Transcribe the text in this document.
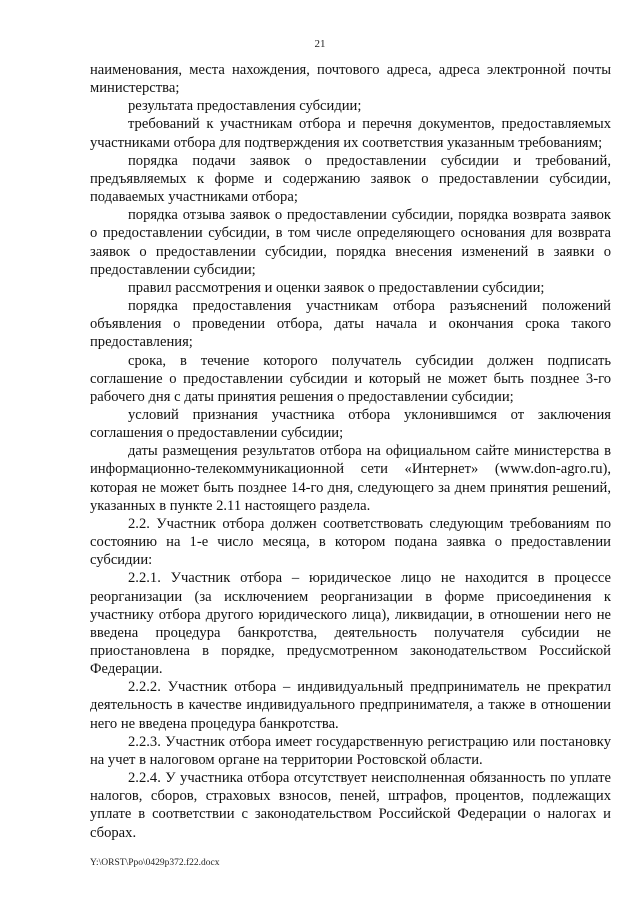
21

наименования, места нахождения, почтового адреса, адреса электронной почты министерства;

результата предоставления субсидии;

требований к участникам отбора и перечня документов, предоставляемых участниками отбора для подтверждения их соответствия указанным требованиям;

порядка подачи заявок о предоставлении субсидии и требований, предъявляемых к форме и содержанию заявок о предоставлении субсидии, подаваемых участниками отбора;

порядка отзыва заявок о предоставлении субсидии, порядка возврата заявок о предоставлении субсидии, в том числе определяющего основания для возврата заявок о предоставлении субсидии, порядка внесения изменений в заявки о предоставлении субсидии;

правил рассмотрения и оценки заявок о предоставлении субсидии;

порядка предоставления участникам отбора разъяснений положений объявления о проведении отбора, даты начала и окончания срока такого предоставления;

срока, в течение которого получатель субсидии должен подписать соглашение о предоставлении субсидии и который не может быть позднее 3-го рабочего дня с даты принятия решения о предоставлении субсидии;

условий признания участника отбора уклонившимся от заключения соглашения о предоставлении субсидии;

даты размещения результатов отбора на официальном сайте министерства в информационно-телекоммуникационной сети «Интернет» (www.don-agro.ru), которая не может быть позднее 14-го дня, следующего за днем принятия решений, указанных в пункте 2.11 настоящего раздела.

2.2. Участник отбора должен соответствовать следующим требованиям по состоянию на 1-е число месяца, в котором подана заявка о предоставлении субсидии:

2.2.1. Участник отбора – юридическое лицо не находится в процессе реорганизации (за исключением реорганизации в форме присоединения к участнику отбора другого юридического лица), ликвидации, в отношении него не введена процедура банкротства, деятельность получателя субсидии не приостановлена в порядке, предусмотренном законодательством Российской Федерации.

2.2.2. Участник отбора – индивидуальный предприниматель не прекратил деятельность в качестве индивидуального предпринимателя, а также в отношении него не введена процедура банкротства.

2.2.3. Участник отбора имеет государственную регистрацию или постановку на учет в налоговом органе на территории Ростовской области.

2.2.4. У участника отбора отсутствует неисполненная обязанность по уплате налогов, сборов, страховых взносов, пеней, штрафов, процентов, подлежащих уплате в соответствии с законодательством Российской Федерации о налогах и сборах.

Y:\ORST\Ppo\0429p372.f22.docx
